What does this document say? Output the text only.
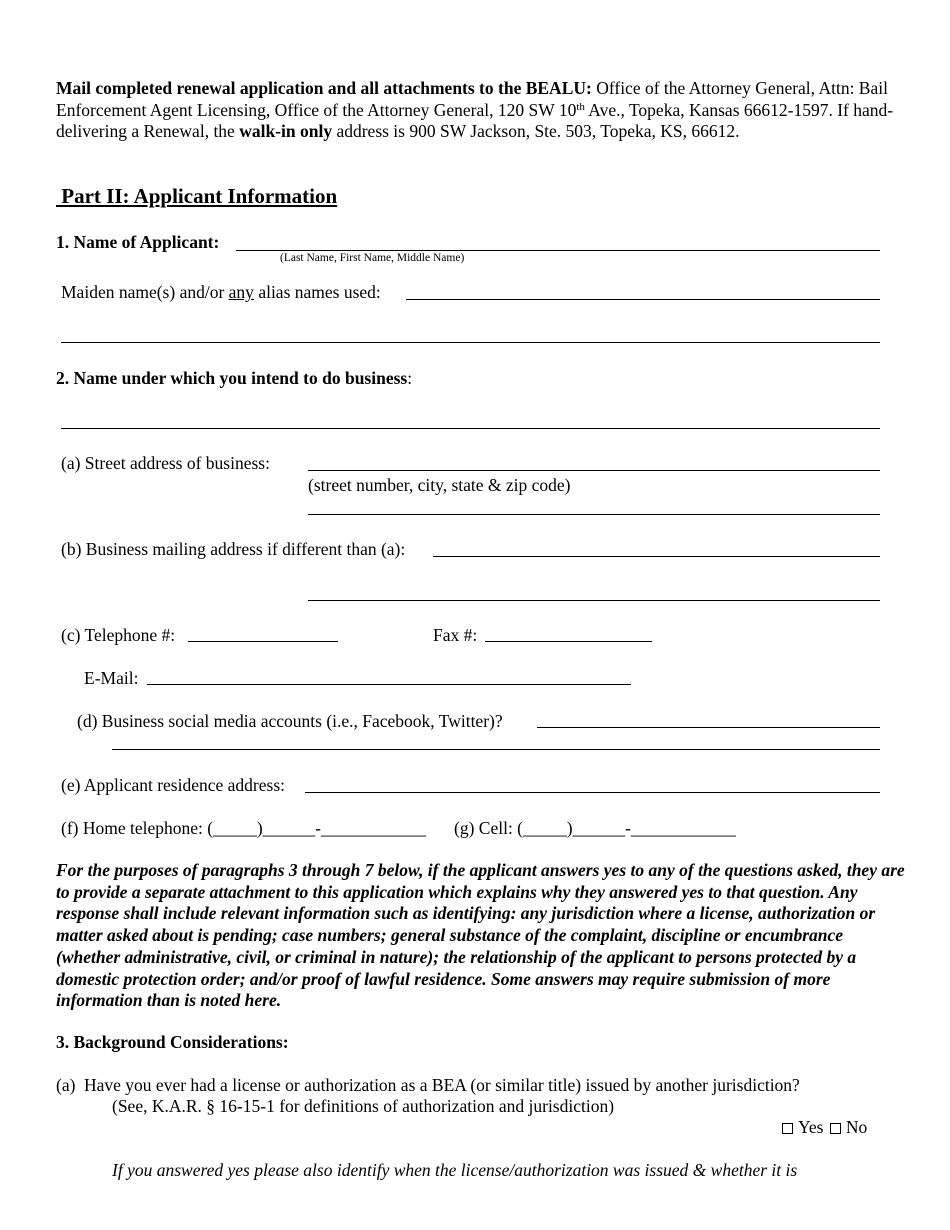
Mail completed renewal application and all attachments to the BEALU: Office of the Attorney General, Attn: Bail Enforcement Agent Licensing, Office of the Attorney General, 120 SW 10th Ave., Topeka, Kansas 66612-1597. If hand-delivering a Renewal, the walk-in only address is 900 SW Jackson, Ste. 503, Topeka, KS, 66612.
Part II: Applicant Information
1. Name of Applicant:
(Last Name, First Name, Middle Name)
Maiden name(s) and/or any alias names used:
2. Name under which you intend to do business:
(a) Street address of business:
(street number, city, state & zip code)
(b) Business mailing address if different than (a):
(c) Telephone #:	Fax #:
E-Mail:
(d) Business social media accounts (i.e., Facebook, Twitter)?
(e) Applicant residence address:
(f) Home telephone: (_____)______-____________ (g) Cell: (_____)______-____________
For the purposes of paragraphs 3 through 7 below, if the applicant answers yes to any of the questions asked, they are to provide a separate attachment to this application which explains why they answered yes to that question. Any response shall include relevant information such as identifying: any jurisdiction where a license, authorization or matter asked about is pending; case numbers; general substance of the complaint, discipline or encumbrance (whether administrative, civil, or criminal in nature); the relationship of the applicant to persons protected by a domestic protection order; and/or proof of lawful residence. Some answers may require submission of more information than is noted here.
3. Background Considerations:
(a) Have you ever had a license or authorization as a BEA (or similar title) issued by another jurisdiction?
(See, K.A.R. § 16-15-1 for definitions of authorization and jurisdiction)
Yes No
If you answered yes please also identify when the license/authorization was issued & whether it is
